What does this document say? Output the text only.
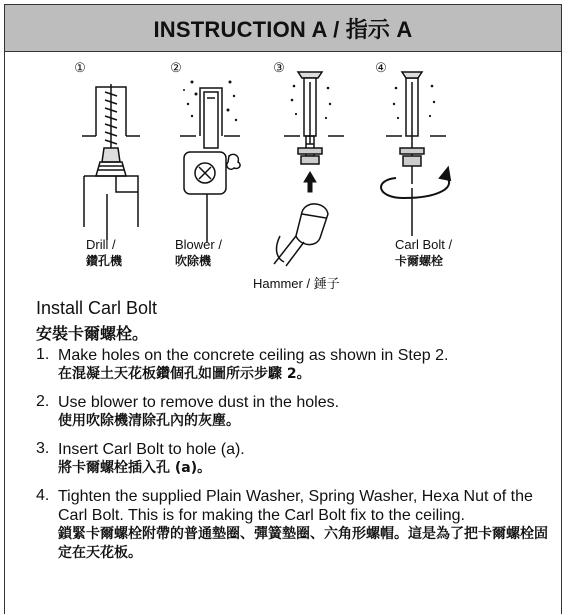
INSTRUCTION A / 指示 A
①	②	③	④
Drill /	Blower /	Carl Bolt /
Hammer / 錘子
鑽孔機	吹除機	卡爾螺栓
Install Carl Bolt
安裝卡爾螺栓。
1. Make holes on the concrete ceiling as shown in Step 2.
在混凝土天花板鑽個孔如圖所示步驟 2。
2. Use blower to remove dust in the holes.
使用吹除機清除孔內的灰塵。
3. Insert Carl Bolt to hole (a).
將卡爾螺栓插入孔 (a)。
4. Tighten the supplied Plain Washer, Spring Washer, Hexa Nut of the Carl Bolt. This is for making the Carl Bolt fix to the ceiling.
鎖緊卡爾螺栓附帶的普通墊圈、彈簧墊圈、六角形螺帽。這是為了把卡爾螺栓固定在天花板。
